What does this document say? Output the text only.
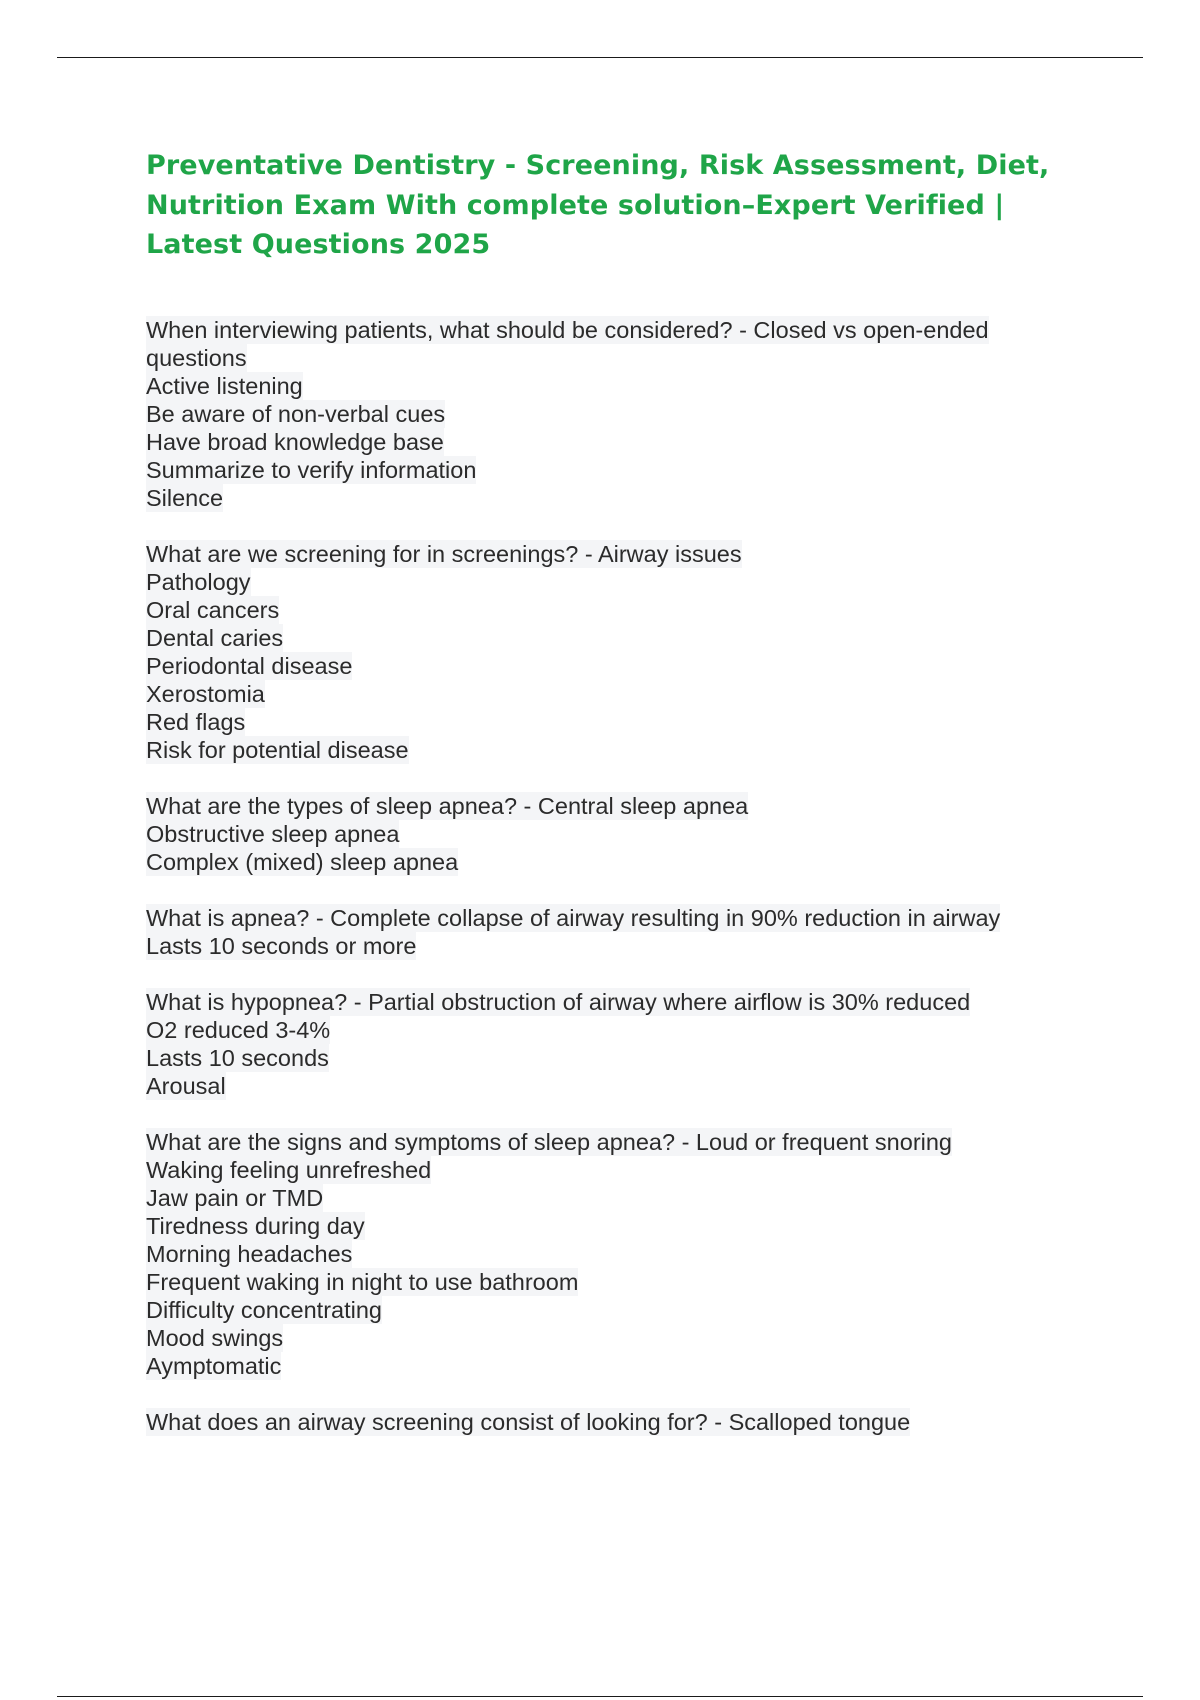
Preventative Dentistry - Screening, Risk Assessment, Diet, Nutrition Exam With complete solution–Expert Verified | Latest Questions 2025
When interviewing patients, what should be considered? - Closed vs open-ended
questions
Active listening
Be aware of non-verbal cues
Have broad knowledge base
Summarize to verify information
Silence
What are we screening for in screenings? - Airway issues
Pathology
Oral cancers
Dental caries
Periodontal disease
Xerostomia
Red flags
Risk for potential disease
What are the types of sleep apnea? - Central sleep apnea
Obstructive sleep apnea
Complex (mixed) sleep apnea
What is apnea? - Complete collapse of airway resulting in 90% reduction in airway
Lasts 10 seconds or more
What is hypopnea? - Partial obstruction of airway where airflow is 30% reduced
O2 reduced 3-4%
Lasts 10 seconds
Arousal
What are the signs and symptoms of sleep apnea? - Loud or frequent snoring
Waking feeling unrefreshed
Jaw pain or TMD
Tiredness during day
Morning headaches
Frequent waking in night to use bathroom
Difficulty concentrating
Mood swings
Aymptomatic
What does an airway screening consist of looking for? - Scalloped tongue
